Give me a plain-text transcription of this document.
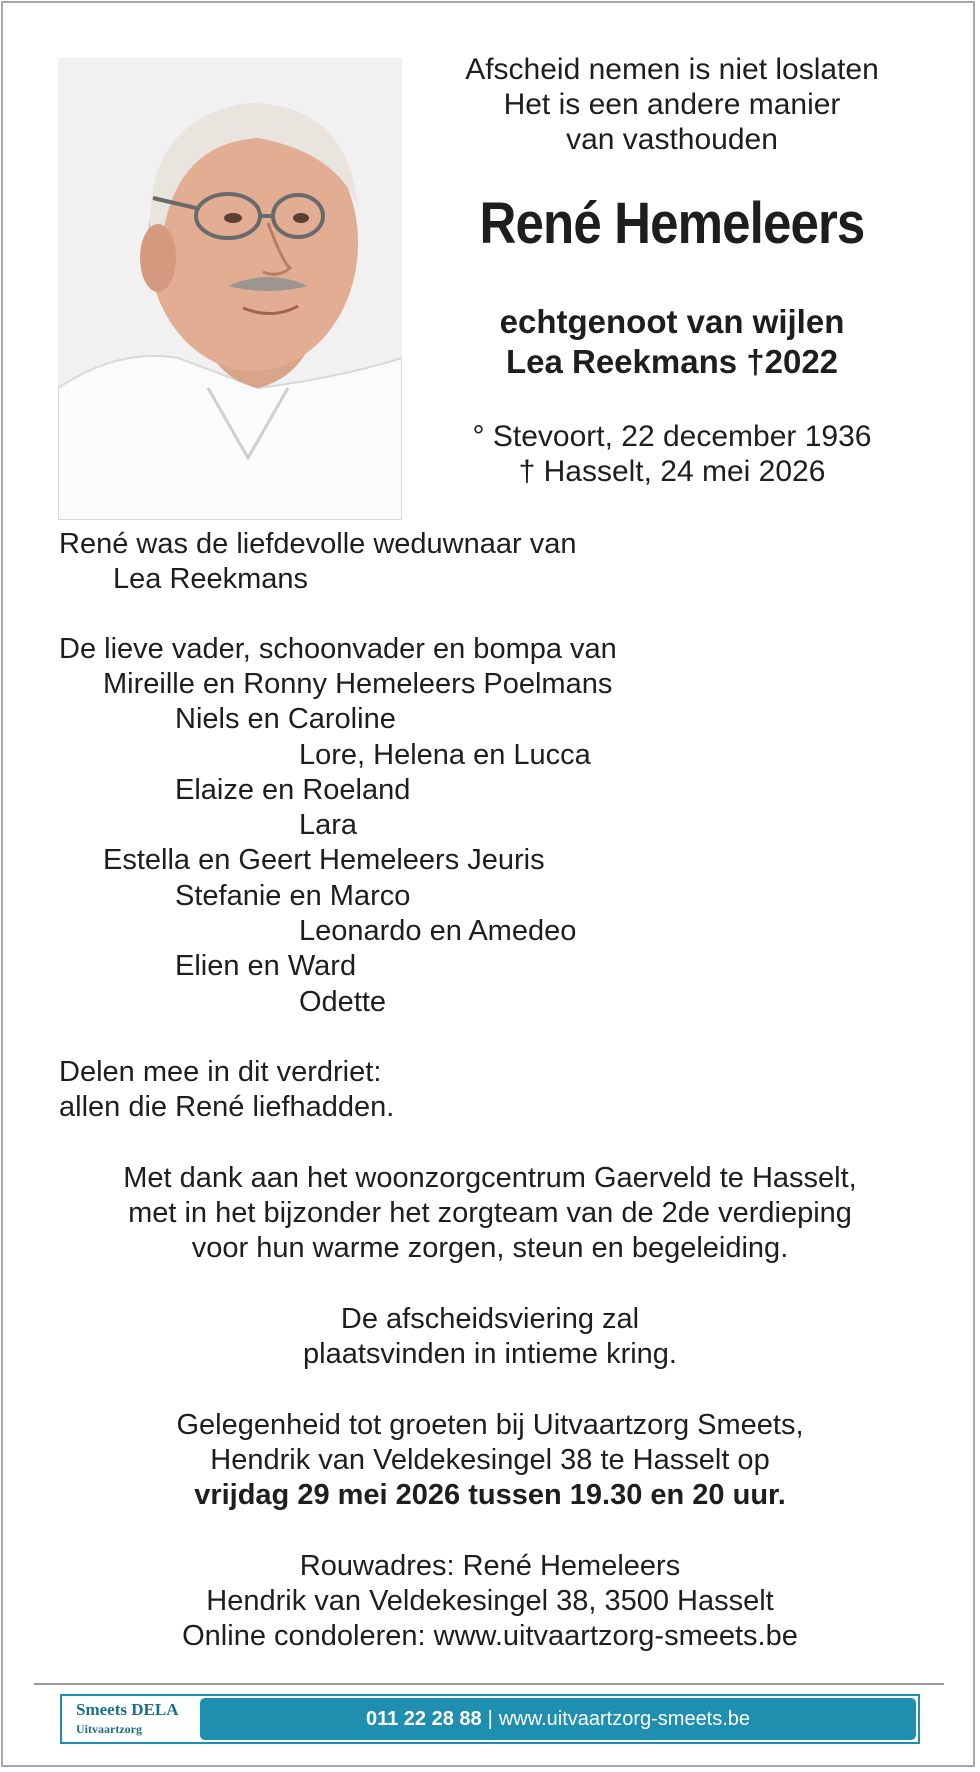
Afscheid nemen is niet loslaten
Het is een andere manier
van vasthouden
René Hemeleers
echtgenoot van wijlen
Lea Reekmans †2022
° Stevoort, 22 december 1936
† Hasselt, 24 mei 2026
René was de liefdevolle weduwnaar van
Lea Reekmans
De lieve vader, schoonvader en bompa van
Mireille en Ronny Hemeleers Poelmans
Niels en Caroline
Lore, Helena en Lucca
Elaize en Roeland
Lara
Estella en Geert Hemeleers Jeuris
Stefanie en Marco
Leonardo en Amedeo
Elien en Ward
Odette
Delen mee in dit verdriet:
allen die René liefhadden.
Met dank aan het woonzorgcentrum Gaerveld te Hasselt,
met in het bijzonder het zorgteam van de 2de verdieping
voor hun warme zorgen, steun en begeleiding.
De afscheidsviering zal
plaatsvinden in intieme kring.
Gelegenheid tot groeten bij Uitvaartzorg Smeets,
Hendrik van Veldekesingel 38 te Hasselt op
vrijdag 29 mei 2026 tussen 19.30 en 20 uur.
Rouwadres: René Hemeleers
Hendrik van Veldekesingel 38, 3500 Hasselt
Online condoleren: www.uitvaartzorg-smeets.be
Smeets DELA
Uitvaartzorg	011 22 28 88 | www.uitvaartzorg-smeets.be
